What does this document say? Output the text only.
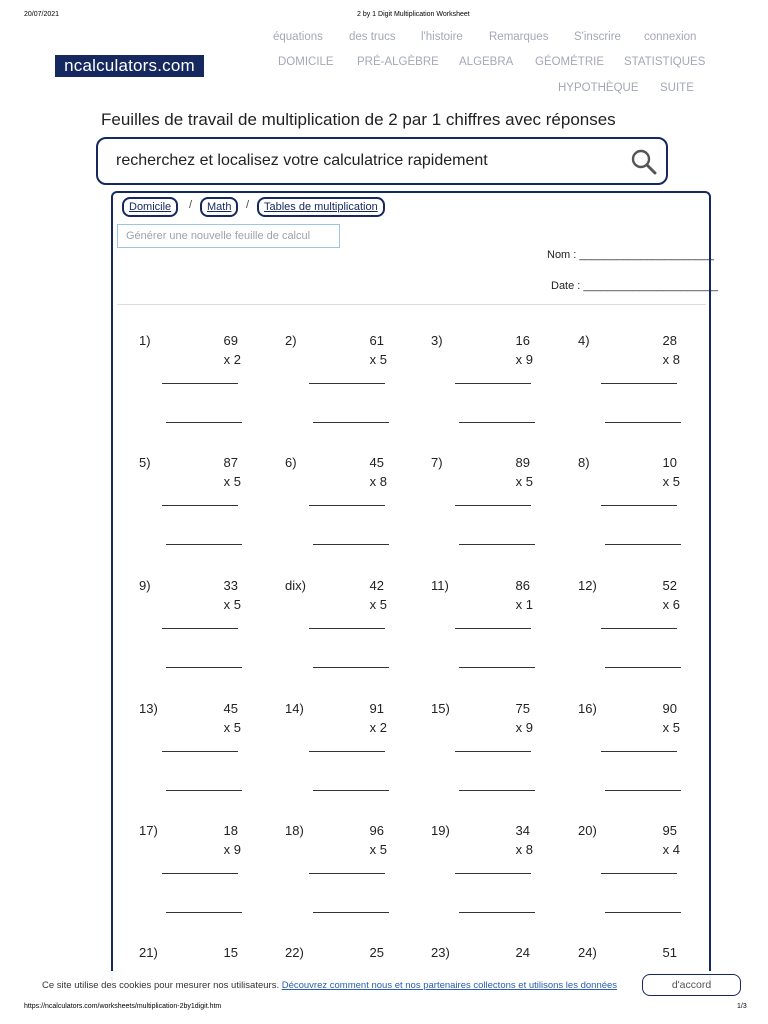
20/07/2021	2 by 1 Digit Multiplication Worksheet
équations des trucs l'histoire Remarques S'inscrire connexion
DOMICILE PRÉ-ALGÈBRE ALGEBRA GÉOMÉTRIE STATISTIQUES
HYPOTHÈQUE SUITE
ncalculators.com
Feuilles de travail de multiplication de 2 par 1 chiffres avec réponses
recherchez et localisez votre calculatrice rapidement
Domicile	/	Math	/	Tables de multiplication
Générer une nouvelle feuille de calcul
Nom : ______________________
Date : ______________________
1)	69
x 2
2)	61
x 5
3)	16
x 9
4)	28
x 8
5)	87
x 5
6)	45
x 8
7)	89
x 5
8)	10
x 5
9)	33
x 5
dix)	42
x 5
11)	86
x 1
12)	52
x 6
13)	45
x 5
14)	91
x 2
15)	75
x 9
16)	90
x 5
17)	18
x 9
18)	96
x 5
19)	34
x 8
20)	95
x 4
21)	15	22)	25	23)	24	24)	51
Ce site utilise des cookies pour mesurer nos utilisateurs. Découvrez comment nous et nos partenaires collectons et utilisons les données	d'accord
https://ncalculators.com/worksheets/multiplication-2by1digit.htm	1/3
